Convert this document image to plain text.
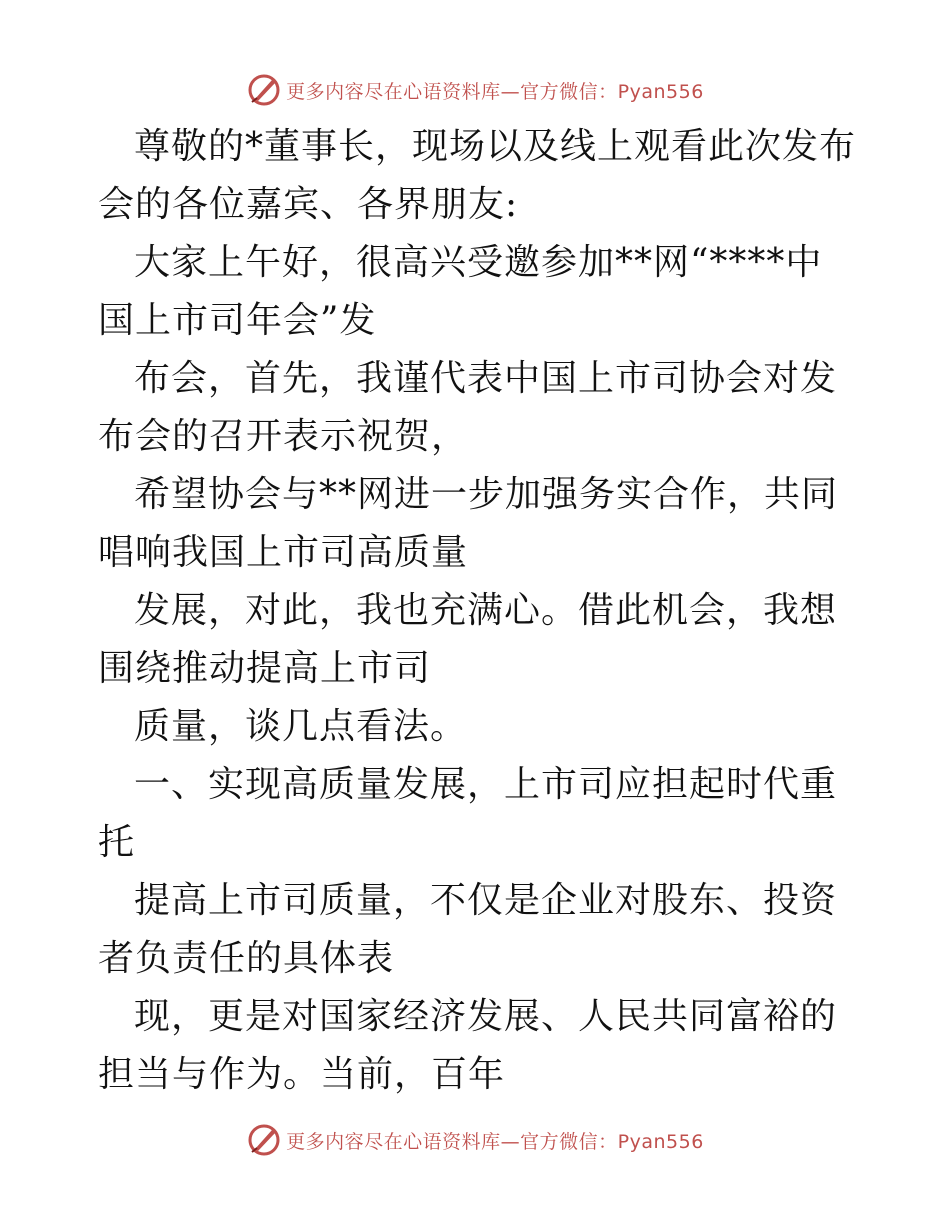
更多内容尽在心语资料库—官方微信：Pyan556

尊敬的*董事长，现场以及线上观看此次发布会的各位嘉宾、各界朋友:

大家上午好，很高兴受邀参加**网“****中国上市司年会”发

布会，首先，我谨代表中国上市司协会对发布会的召开表示祝贺，

希望协会与**网进一步加强务实合作，共同唱响我国上市司高质量

发展，对此，我也充满心。借此机会，我想围绕推动提高上市司

质量，谈几点看法。

一、实现高质量发展，上市司应担起时代重托

提高上市司质量，不仅是企业对股东、投资者负责任的具体表

现，更是对国家经济发展、人民共同富裕的担当与作为。当前，百年

更多内容尽在心语资料库—官方微信：Pyan556
